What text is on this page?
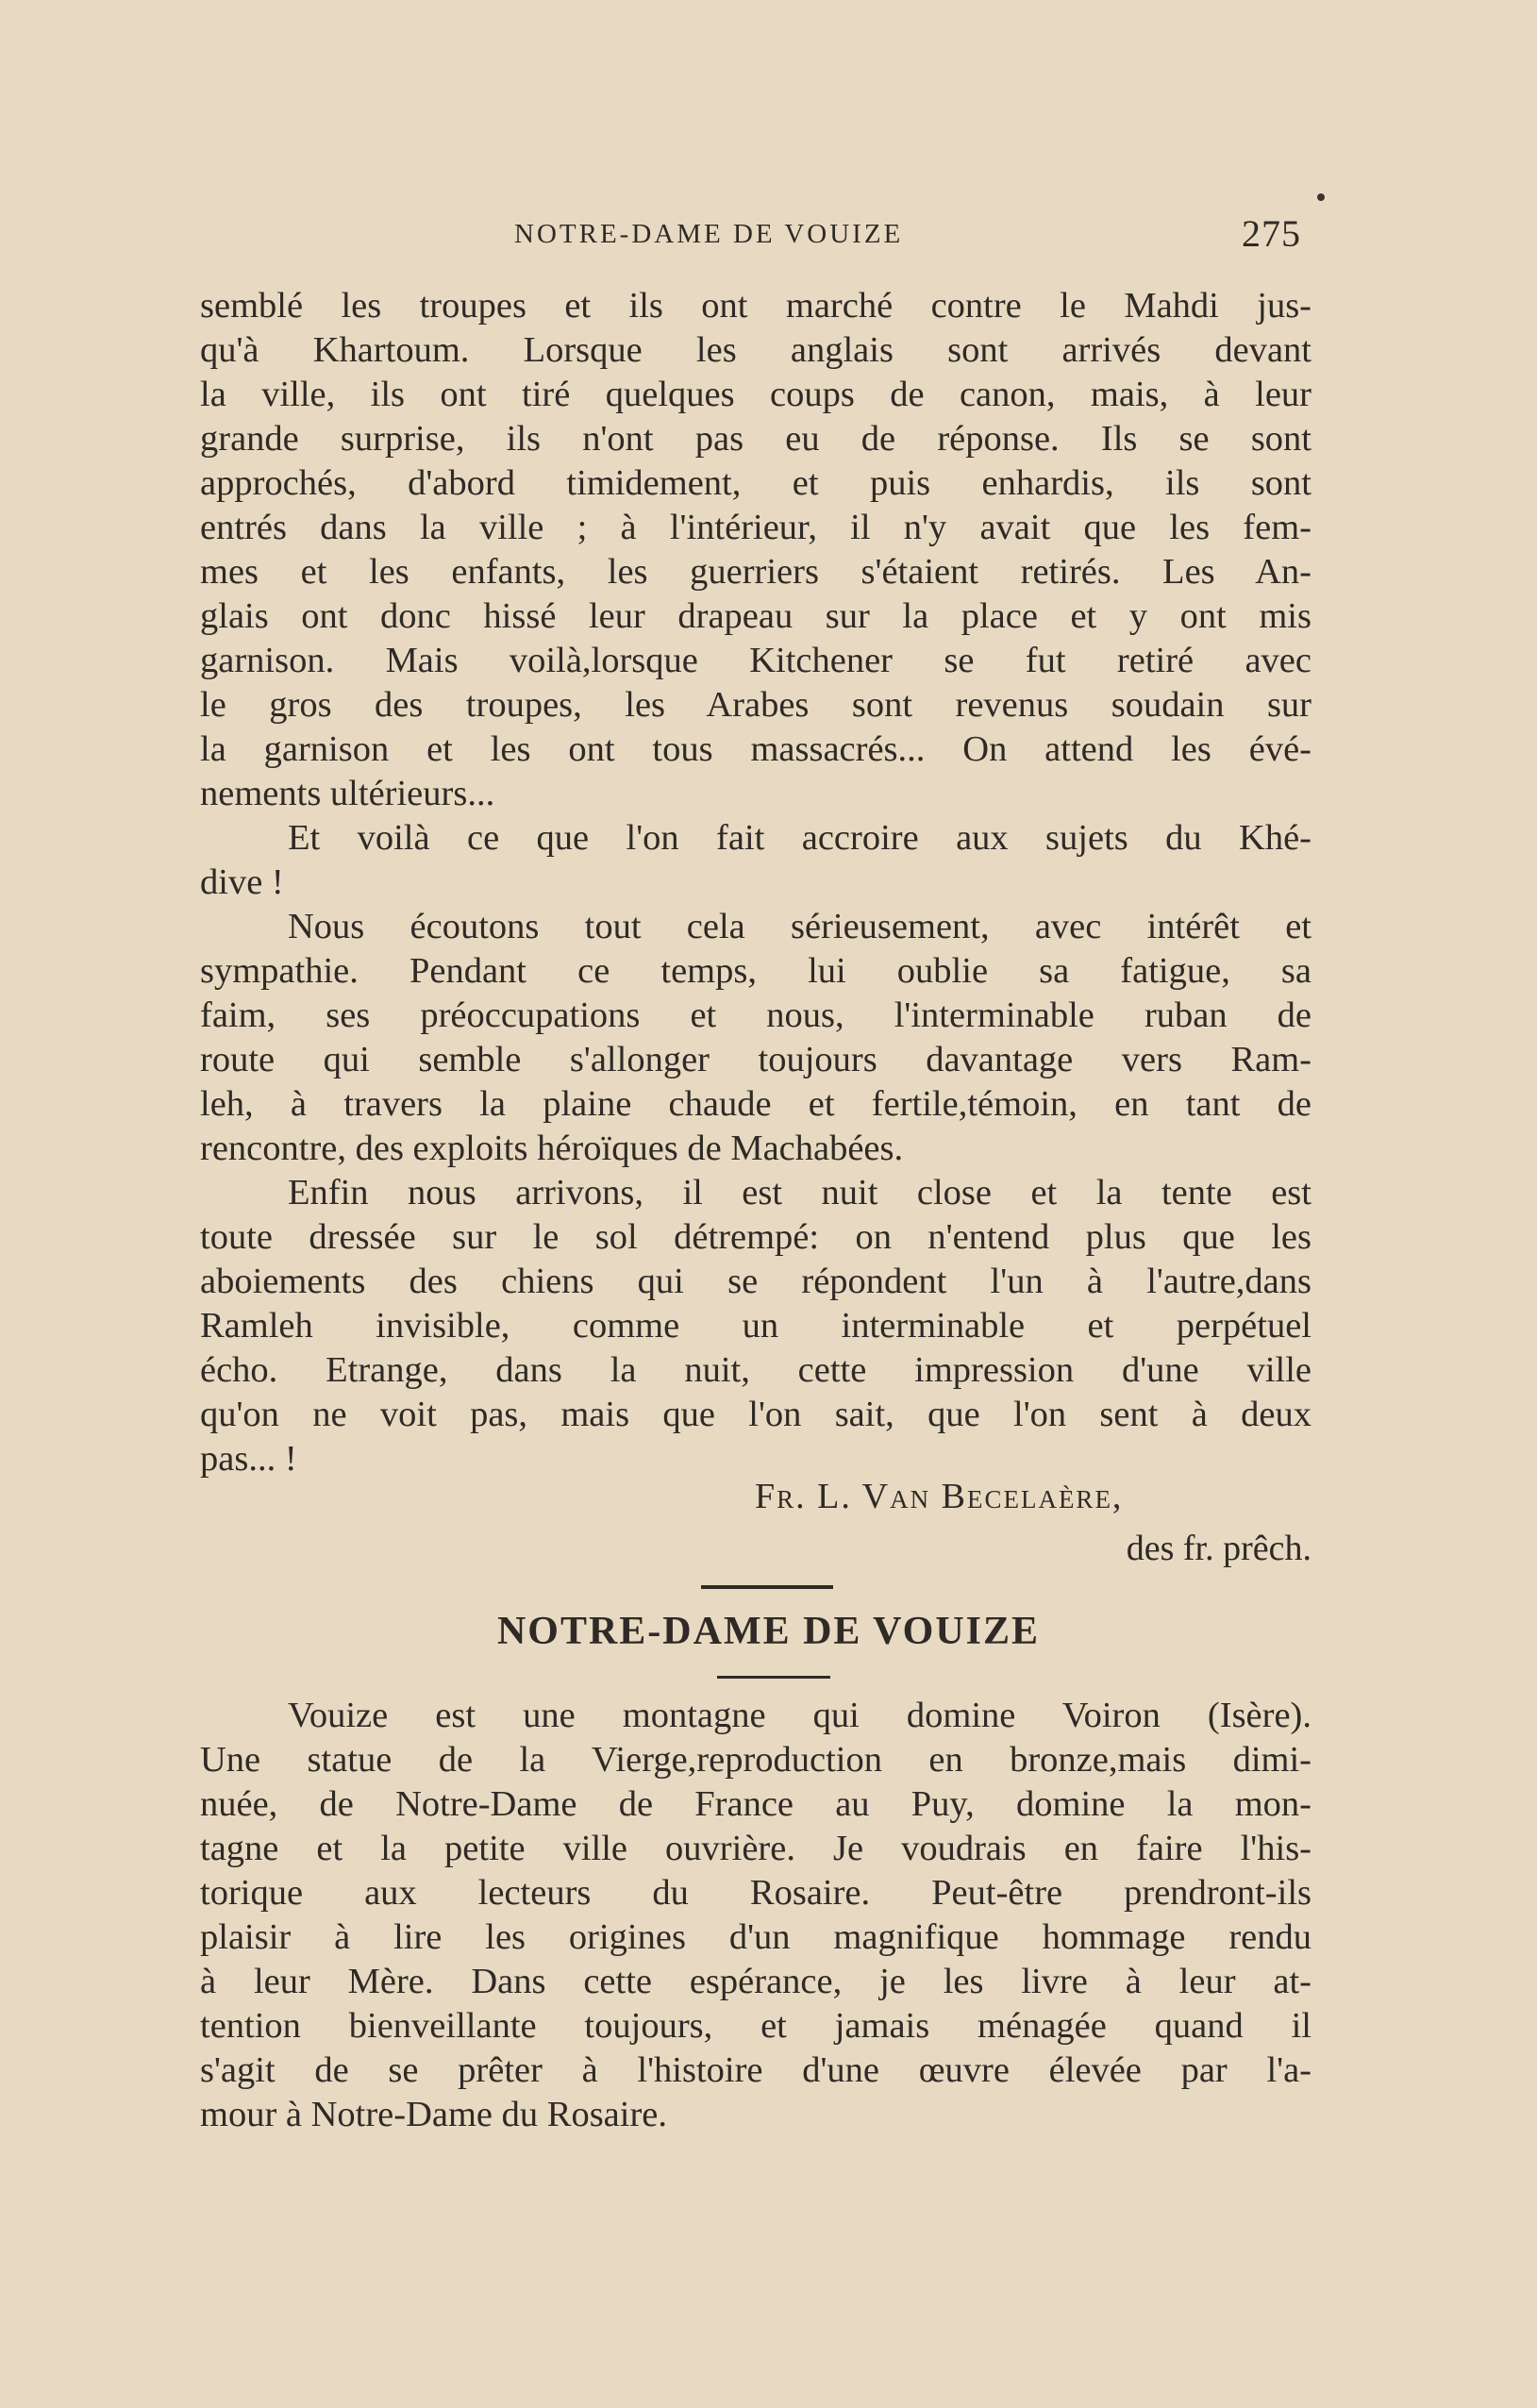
NOTRE-DAME DE VOUIZE	275
semblé les troupes et ils ont marché contre le Mahdi jus-
qu'à Khartoum. Lorsque les anglais sont arrivés devant
la ville, ils ont tiré quelques coups de canon, mais, à leur
grande surprise, ils n'ont pas eu de réponse. Ils se sont
approchés, d'abord timidement, et puis enhardis, ils sont
entrés dans la ville ; à l'intérieur, il n'y avait que les fem-
mes et les enfants, les guerriers s'étaient retirés. Les An-
glais ont donc hissé leur drapeau sur la place et y ont mis
garnison. Mais voilà,lorsque Kitchener se fut retiré avec
le gros des troupes, les Arabes sont revenus soudain sur
la garnison et les ont tous massacrés... On attend les évé-
nements ultérieurs...
Et voilà ce que l'on fait accroire aux sujets du Khé-
dive !
Nous écoutons tout cela sérieusement, avec intérêt et
sympathie. Pendant ce temps, lui oublie sa fatigue, sa
faim, ses préoccupations et nous, l'interminable ruban de
route qui semble s'allonger toujours davantage vers Ram-
leh, à travers la plaine chaude et fertile,témoin, en tant de
rencontre, des exploits héroïques de Machabées.
Enfin nous arrivons, il est nuit close et la tente est
toute dressée sur le sol détrempé: on n'entend plus que les
aboiements des chiens qui se répondent l'un à l'autre,dans
Ramleh invisible, comme un interminable et perpétuel
écho. Etrange, dans la nuit, cette impression d'une ville
qu'on ne voit pas, mais que l'on sait, que l'on sent à deux
pas... !
Fr. L. Van Becelaère,
des fr. prêch.
NOTRE-DAME DE VOUIZE
Vouize est une montagne qui domine Voiron (Isère).
Une statue de la Vierge,reproduction en bronze,mais dimi-
nuée, de Notre-Dame de France au Puy, domine la mon-
tagne et la petite ville ouvrière. Je voudrais en faire l'his-
torique aux lecteurs du Rosaire. Peut-être prendront-ils
plaisir à lire les origines d'un magnifique hommage rendu
à leur Mère. Dans cette espérance, je les livre à leur at-
tention bienveillante toujours, et jamais ménagée quand il
s'agit de se prêter à l'histoire d'une œuvre élevée par l'a-
mour à Notre-Dame du Rosaire.
